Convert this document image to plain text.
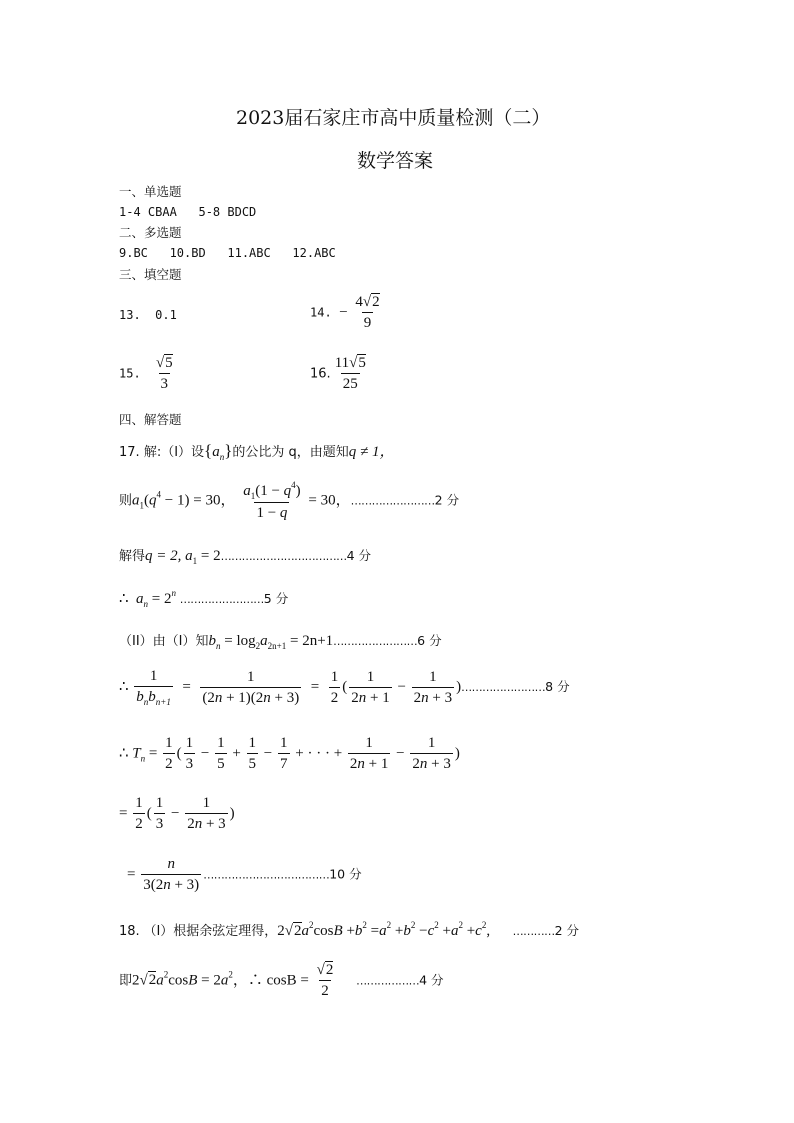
2023届石家庄市高中质量检测（二）
数学答案
一、单选题
1-4 CBAA   5-8 BDCD
二、多选题
9.BC   10.BD   11.ABC   12.ABC
三、填空题
13. 0.1	14. − $\frac{4√2}{9}$
15. $\frac{√5}{3}$	16. $\frac{11√5}{25}$
四、解答题
17. 解:（I）设$\{a_n\}$的公比为 q，由题知q ≠ 1，
则$a_1(q^4 - 1) = 30$， $\frac{a_1(1 - q^4)}{1 - q} = 30$，……………………2 分
解得q = 2, $a_1$ = 2………………………………4 分
∴  $a_n = 2^n$ ……………………5 分
（II）由（I）知$b_n = \log_2a_{2n+1}$ = 2n+1……………………6 分
∴ $\frac{1}{b_nb_{n+1}} = \frac{1}{(2n + 1)(2n + 3)} = \frac{1}{2}$ ( $\frac{1}{2n + 1} - \frac{1}{2n + 3}$ )……………………8 分
∴ $T_n = \frac{1}{2}$ ( $\frac{1}{3} - \frac{1}{5} + \frac{1}{5} - \frac{1}{7}$ + · · · + $\frac{1}{2n + 1} - \frac{1}{2n + 3}$ )
= $\frac{1}{2}$ ( $\frac{1}{3} - \frac{1}{2n + 3}$ )
= $\frac{n}{3(2n + 3)}$ ………………………………10 分
18. （I）根据余弦定理得，$2√2a^2\cos B +b^2 =a^2 +b^2 -c^2 +a^2 +c^2$,      …………2 分
即$2√2a^2\cos B = 2a^2$，∴ $\cos B = \frac{√2}{2}$ ………………4 分
